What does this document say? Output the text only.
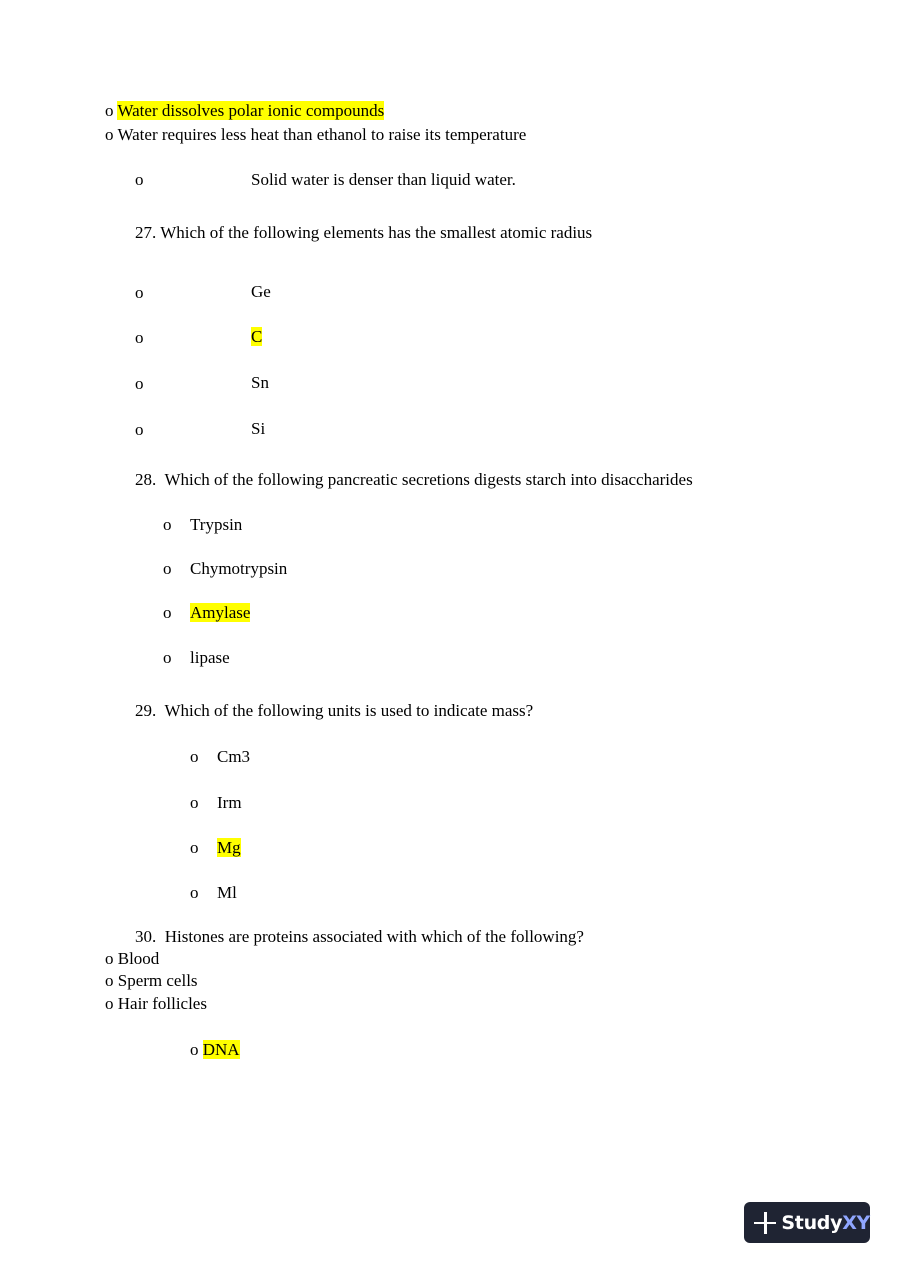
o Water dissolves polar ionic compounds
o Water requires less heat than ethanol to raise its temperature
o	Solid water is denser than liquid water.
27. Which of the following elements has the smallest atomic radius
o	Ge
o	C
o	Sn
o	Si
28. Which of the following pancreatic secretions digests starch into disaccharides
o Trypsin
o Chymotrypsin
o Amylase
o lipase
29. Which of the following units is used to indicate mass?
o Cm3
o Irm
o Mg
o Ml
30. Histones are proteins associated with which of the following?
o Blood
o Sperm cells
o Hair follicles
o DNA
StudyXY
